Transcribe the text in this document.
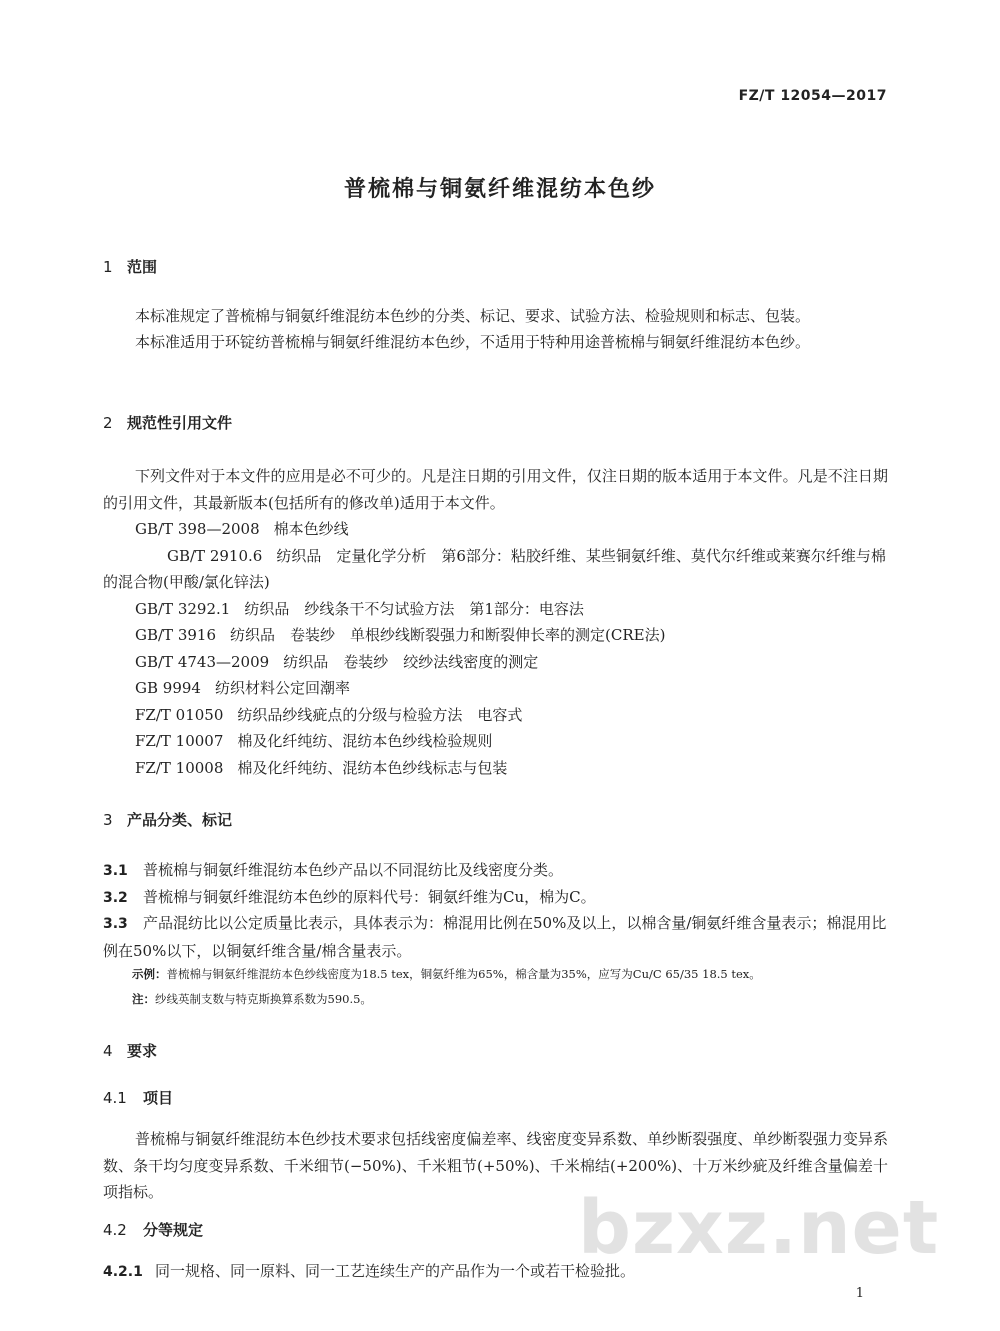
FZ/T 12054—2017
普梳棉与铜氨纤维混纺本色纱
1 范围

本标准规定了普梳棉与铜氨纤维混纺本色纱的分类、标记、要求、试验方法、检验规则和标志、包装。

本标准适用于环锭纺普梳棉与铜氨纤维混纺本色纱，不适用于特种用途普梳棉与铜氨纤维混纺本色纱。

2 规范性引用文件

下列文件对于本文件的应用是必不可少的。凡是注日期的引用文件，仅注日期的版本适用于本文件。凡是不注日期的引用文件，其最新版本(包括所有的修改单)适用于本文件。

GB/T 398—2008 棉本色纱线
GB/T 2910.6 纺织品　定量化学分析　第6部分：粘胶纤维、某些铜氨纤维、莫代尔纤维或莱赛尔纤维与棉的混合物(甲酸/氯化锌法)
GB/T 3292.1 纺织品　纱线条干不匀试验方法　第1部分：电容法
GB/T 3916 纺织品　卷装纱　单根纱线断裂强力和断裂伸长率的测定(CRE法)
GB/T 4743—2009 纺织品　卷装纱　绞纱法线密度的测定
GB 9994 纺织材料公定回潮率
FZ/T 01050 纺织品纱线疵点的分级与检验方法　电容式
FZ/T 10007 棉及化纤纯纺、混纺本色纱线检验规则
FZ/T 10008 棉及化纤纯纺、混纺本色纱线标志与包装
3 产品分类、标记

3.1 普梳棉与铜氨纤维混纺本色纱产品以不同混纺比及线密度分类。

3.2 普梳棉与铜氨纤维混纺本色纱的原料代号：铜氨纤维为Cu，棉为C。

3.3 产品混纺比以公定质量比表示，具体表示为：棉混用比例在50%及以上，以棉含量/铜氨纤维含量表示；棉混用比例在50%以下，以铜氨纤维含量/棉含量表示。

示例：普梳棉与铜氨纤维混纺本色纱线密度为18.5 tex，铜氨纤维为65%，棉含量为35%，应写为Cu/C 65/35 18.5 tex。
注：纱线英制支数与特克斯换算系数为590.5。
4 要求
4.1 项目

普梳棉与铜氨纤维混纺本色纱技术要求包括线密度偏差率、线密度变异系数、单纱断裂强度、单纱断裂强力变异系数、条干均匀度变异系数、千米细节(−50%)、千米粗节(+50%)、千米棉结(+200%)、十万米纱疵及纤维含量偏差十项指标。

4.2 分等规定

4.2.1 同一规格、同一原料、同一工艺连续生产的产品作为一个或若干检验批。

bzxz.net
1
